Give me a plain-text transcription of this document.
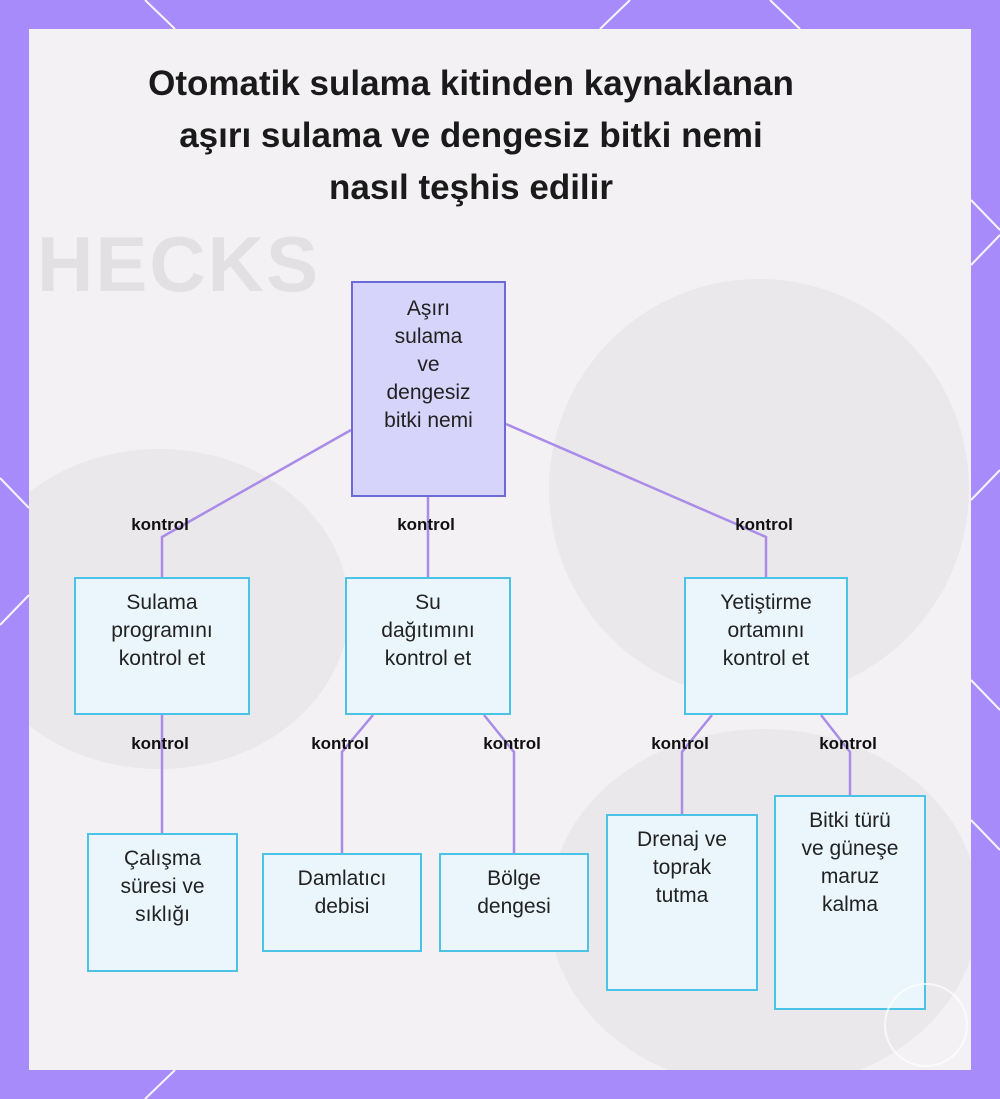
HECKS
Otomatik sulama kitinden kaynaklanan
aşırı sulama ve dengesiz bitki nemi
nasıl teşhis edilir
Aşırı
sulama
ve
dengesiz
bitki nemi
kontrol	kontrol	kontrol
Sulama
programını
kontrol et
Su
dağıtımını
kontrol et
Yetiştirme
ortamını
kontrol et
kontrol	kontrol	kontrol	kontrol	kontrol
Çalışma
süresi ve
sıklığı
Damlatıcı
debisi
Bölge
dengesi
Drenaj ve
toprak
tutma
Bitki türü
ve güneşe
maruz
kalma
